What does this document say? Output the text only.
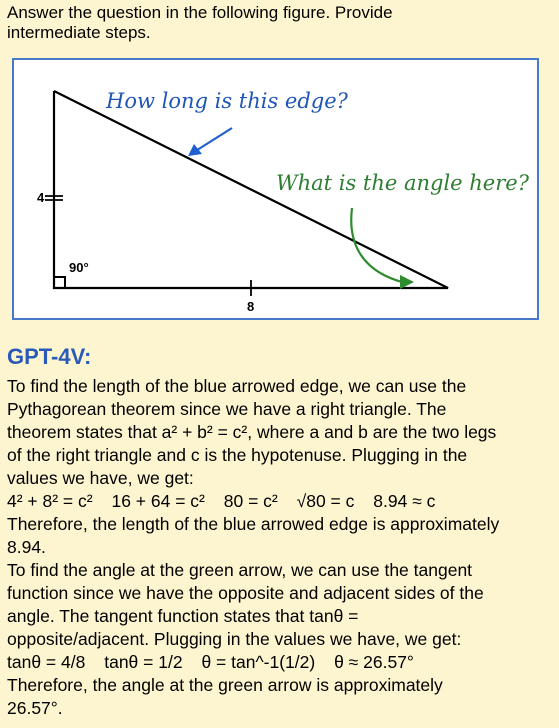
Answer the question in the following figure. Provide
intermediate steps.
4
8
90°
How long is this edge?
What is the angle here?
GPT-4V:
To find the length of the blue arrowed edge, we can use the
Pythagorean theorem since we have a right triangle. The
theorem states that a² + b² = c², where a and b are the two legs
of the right triangle and c is the hypotenuse. Plugging in the
values we have, we get:
4² + 8² = c² 16 + 64 = c² 80 = c² √80 = c 8.94 ≈ c
Therefore, the length of the blue arrowed edge is approximately
8.94.
To find the angle at the green arrow, we can use the tangent
function since we have the opposite and adjacent sides of the
angle. The tangent function states that tanθ =
opposite/adjacent. Plugging in the values we have, we get:
tanθ = 4/8 tanθ = 1/2 θ = tan^-1(1/2) θ ≈ 26.57°
Therefore, the angle at the green arrow is approximately
26.57°.
